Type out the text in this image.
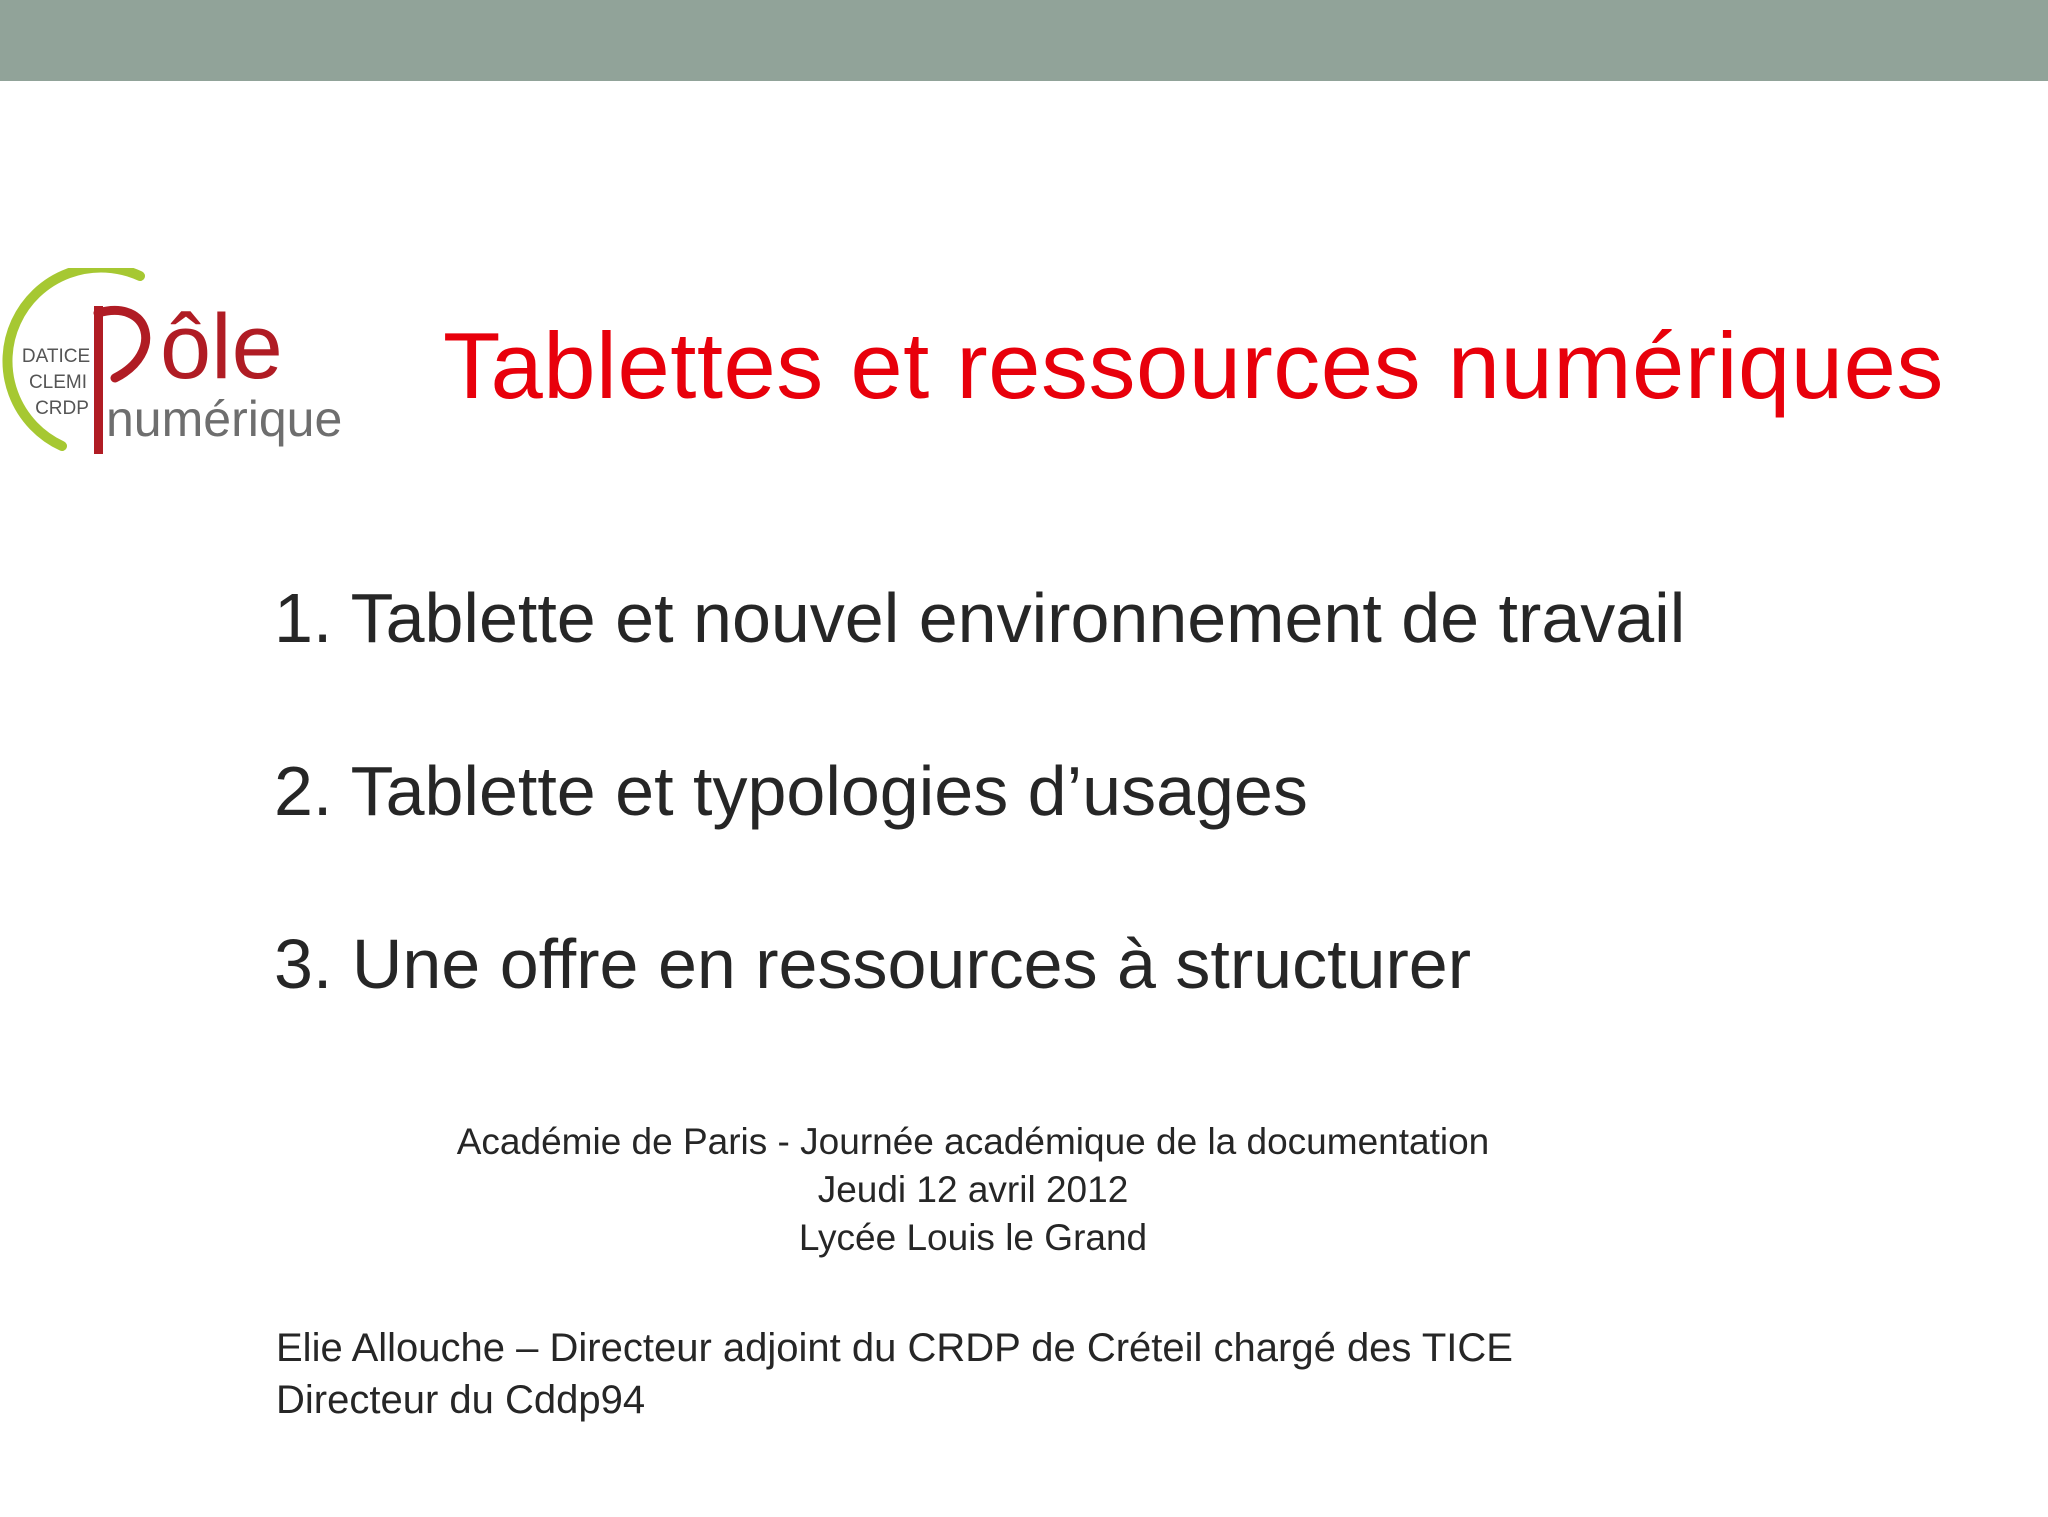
DATICE
CLEMI
CRDP
ôle
numérique
Tablettes et ressources numériques
1. Tablette et nouvel environnement de travail
2. Tablette et typologies d’usages
3. Une offre en ressources à structurer
Académie de Paris - Journée académique de la documentation
Jeudi 12 avril 2012
Lycée Louis le Grand
Elie Allouche – Directeur adjoint du CRDP de Créteil chargé des TICE
Directeur du Cddp94
